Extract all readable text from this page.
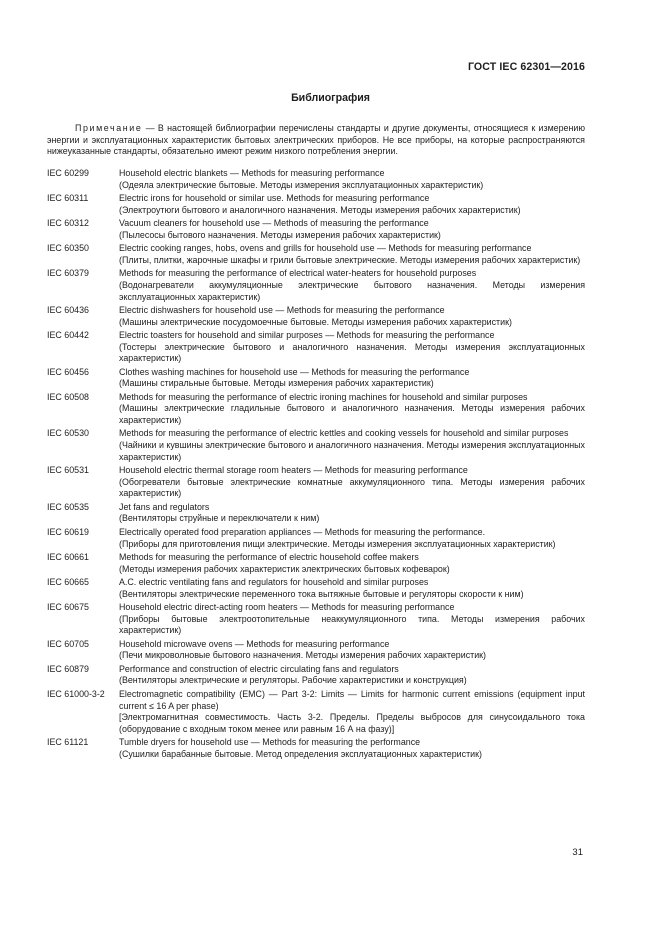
ГОСТ IEC 62301—2016
Библиография
Примечание — В настоящей библиографии перечислены стандарты и другие документы, относящиеся к измерению энергии и эксплуатационных характеристик бытовых электрических приборов. Не все приборы, на которые распространяются нижеуказанные стандарты, обязательно имеют режим низкого потребления энергии.
IEC 60299	Household electric blankets — Methods for measuring performance
(Одеяла электрические бытовые. Методы измерения эксплуатационных характеристик)
IEC 60311	Electric irons for household or similar use. Methods for measuring performance
(Электроутюги бытового и аналогичного назначения. Методы измерения рабочих характеристик)
IEC 60312	Vacuum cleaners for household use — Methods of measuring the performance
(Пылесосы бытового назначения. Методы измерения рабочих характеристик)
IEC 60350	Electric cooking ranges, hobs, ovens and grills for household use — Methods for measuring performance
(Плиты, плитки, жарочные шкафы и грили бытовые электрические. Методы измерения рабочих характеристик)
IEC 60379	Methods for measuring the performance of electrical water-heaters for household purposes
(Водонагреватели аккумуляционные электрические бытового назначения. Методы измерения эксплуатационных характеристик)
IEC 60436	Electric dishwashers for household use — Methods for measuring the performance
(Машины электрические посудомоечные бытовые. Методы измерения рабочих характеристик)
IEC 60442	Electric toasters for household and similar purposes — Methods for measuring the performance
(Тостеры электрические бытового и аналогичного назначения. Методы измерения эксплуатационных характеристик)
IEC 60456	Clothes washing machines for household use — Methods for measuring the performance
(Машины стиральные бытовые. Методы измерения рабочих характеристик)
IEC 60508	Methods for measuring the performance of electric ironing machines for household and similar purposes
(Машины электрические гладильные бытового и аналогичного назначения. Методы измерения рабочих характеристик)
IEC 60530	Methods for measuring the performance of electric kettles and cooking vessels for household and similar purposes
(Чайники и кувшины электрические бытового и аналогичного назначения. Методы измерения эксплуатационных характеристик)
IEC 60531	Household electric thermal storage room heaters — Methods for measuring performance
(Обогреватели бытовые электрические комнатные аккумуляционного типа. Методы измерения рабочих характеристик)
IEC 60535	Jet fans and regulators
(Вентиляторы струйные и переключатели к ним)
IEC 60619	Electrically operated food preparation appliances — Methods for measuring the performance.
(Приборы для приготовления пищи электрические. Методы измерения эксплуатационных характеристик)
IEC 60661	Methods for measuring the performance of electric household coffee makers
(Методы измерения рабочих характеристик электрических бытовых кофеварок)
IEC 60665	A.C. electric ventilating fans and regulators for household and similar purposes
(Вентиляторы электрические переменного тока вытяжные бытовые и регуляторы скорости к ним)
IEC 60675	Household electric direct-acting room heaters — Methods for measuring performance
(Приборы бытовые электроотопительные неаккумуляционного типа. Методы измерения рабочих характеристик)
IEC 60705	Household microwave ovens — Methods for measuring performance
(Печи микроволновые бытового назначения. Методы измерения рабочих характеристик)
IEC 60879	Performance and construction of electric circulating fans and regulators
(Вентиляторы электрические и регуляторы. Рабочие характеристики и конструкция)
IEC 61000-3-2	Electromagnetic compatibility (EMC) — Part 3-2: Limits — Limits for harmonic current emissions (equipment input current ≤ 16 A per phase)
[Электромагнитная совместимость. Часть 3-2. Пределы. Пределы выбросов для синусоидального тока (оборудование с входным током менее или равным 16 А на фазу)]
IEC 61121	Tumble dryers for household use — Methods for measuring the performance
(Сушилки барабанные бытовые. Метод определения эксплуатационных характеристик)
31
